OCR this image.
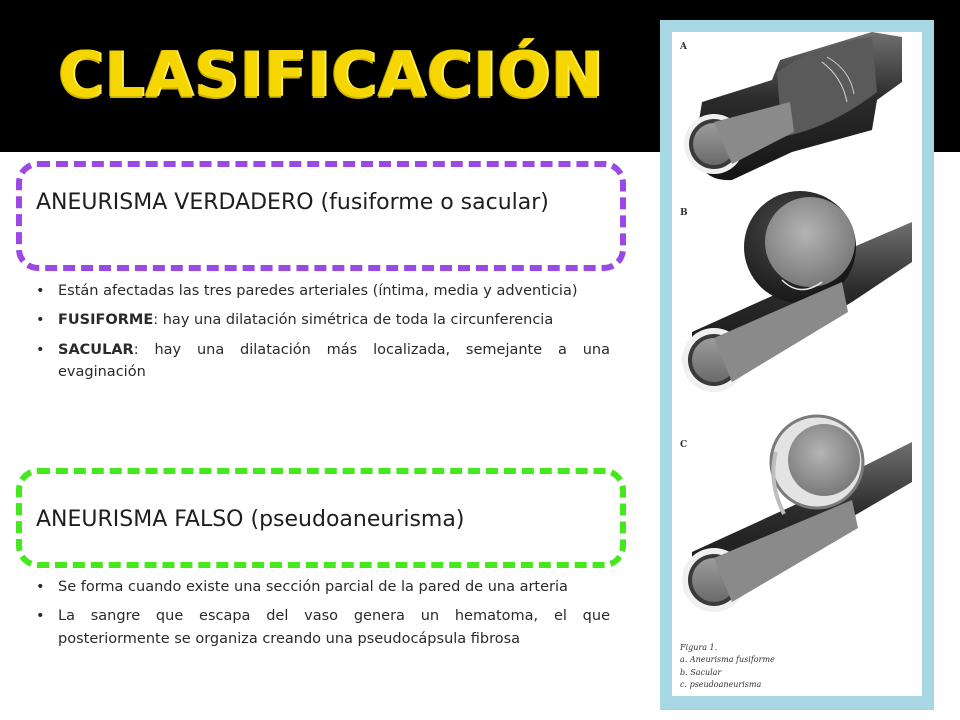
CLASIFICACIÓN

ANEURISMA VERDADERO (fusiforme o sacular)

• Están afectadas las tres paredes arteriales (íntima, media y adventicia)
• FUSIFORME: hay una dilatación simétrica de toda la circunferencia
• SACULAR: hay una dilatación más localizada, semejante a una evaginación

ANEURISMA FALSO (pseudoaneurisma)

• Se forma cuando existe una sección parcial de la pared de una arteria
• La sangre que escapa del vaso genera un hematoma, el que posteriormente se organiza creando una pseudocápsula fibrosa
A
B
C
Figura 1.
a. Aneurisma fusiforme
b. Sacular
c. pseudoaneurisma
